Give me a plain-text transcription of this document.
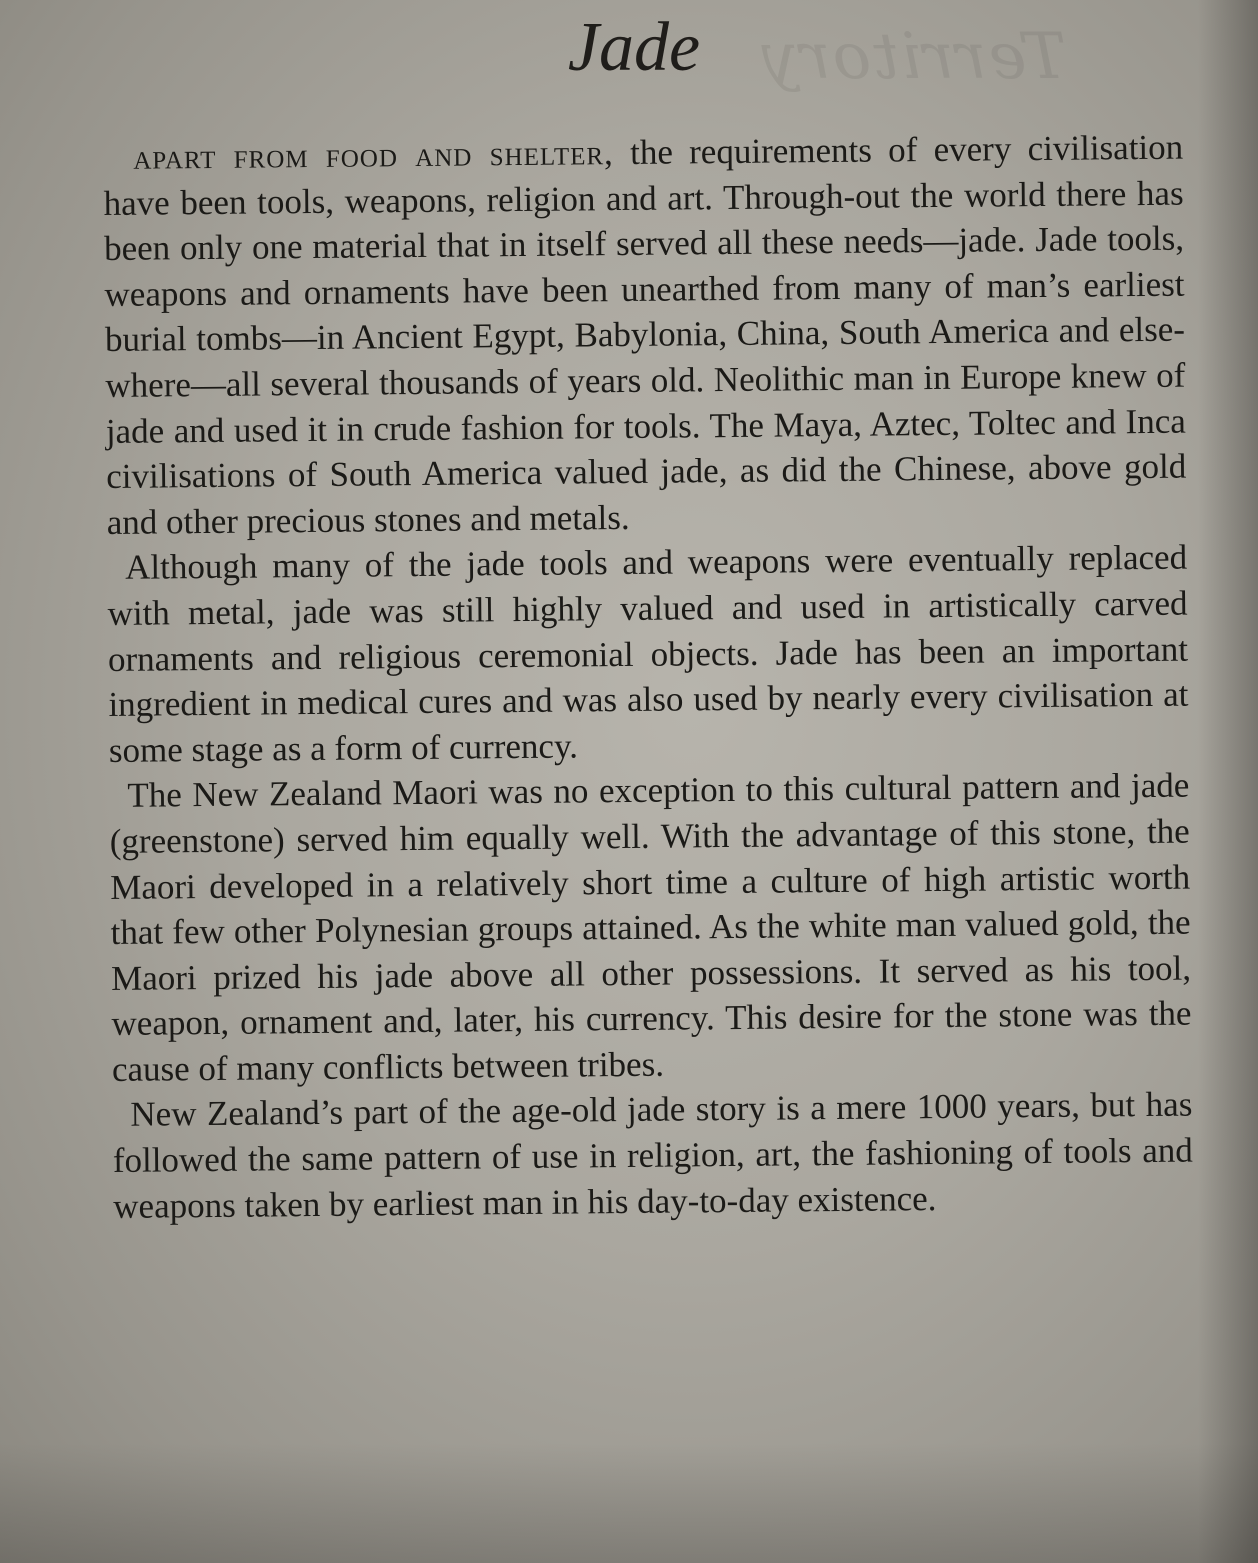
Territory
Jade

apart from food and shelter, the requirements of every civilisation have been tools, weapons, religion and art. Through-out the world there has been only one material that in itself served all these needs—jade. Jade tools, weapons and ornaments have been unearthed from many of man’s earliest burial tombs—in Ancient Egypt, Babylonia, China, South America and else-where—all several thousands of years old. Neolithic man in Europe knew of jade and used it in crude fashion for tools. The Maya, Aztec, Toltec and Inca civilisations of South America valued jade, as did the Chinese, above gold and other precious stones and metals.

Although many of the jade tools and weapons were eventually replaced with metal, jade was still highly valued and used in artistically carved ornaments and religious ceremonial objects. Jade has been an important ingredient in medical cures and was also used by nearly every civilisation at some stage as a form of currency.

The New Zealand Maori was no exception to this cultural pattern and jade (greenstone) served him equally well. With the advantage of this stone, the Maori developed in a relatively short time a culture of high artistic worth that few other Polynesian groups attained. As the white man valued gold, the Maori prized his jade above all other possessions. It served as his tool, weapon, ornament and, later, his currency. This desire for the stone was the cause of many conflicts between tribes.

New Zealand’s part of the age-old jade story is a mere 1000 years, but has followed the same pattern of use in religion, art, the fashioning of tools and weapons taken by earliest man in his day-to-day existence.
